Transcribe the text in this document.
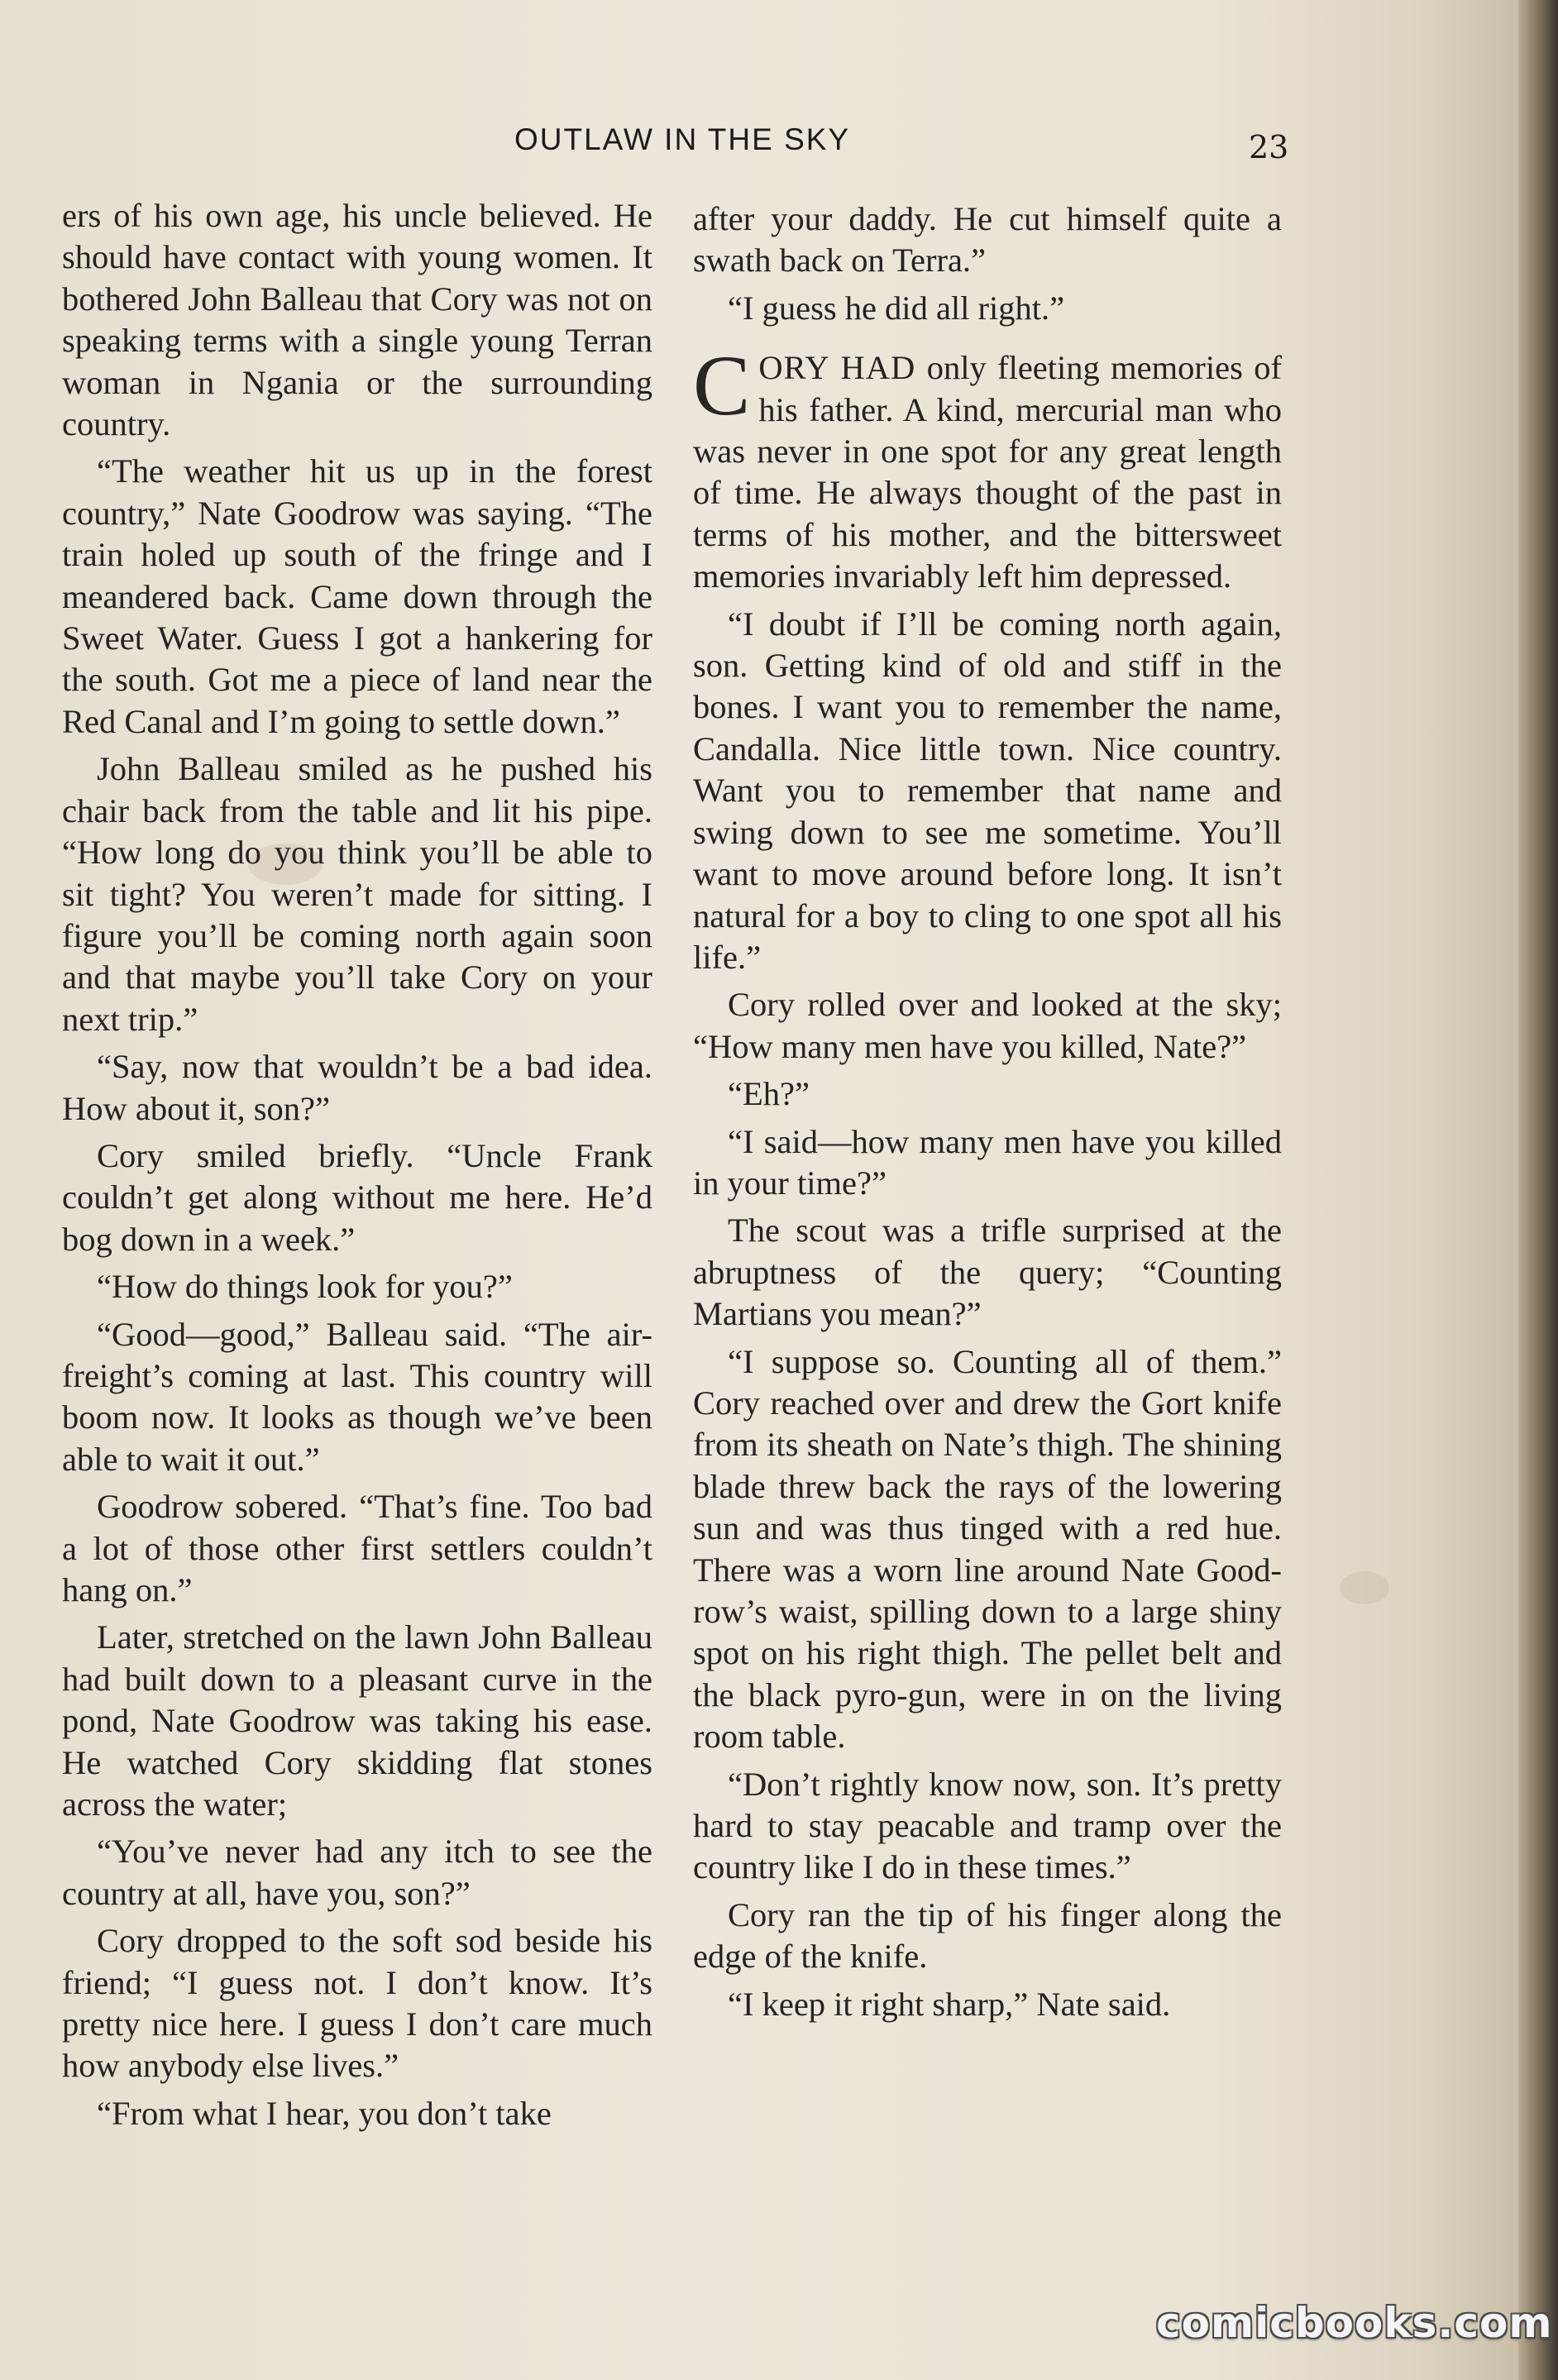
OUTLAW IN THE SKY	23

ers of his own age, his uncle believed. He should have contact with young women. It bothered John Balleau that Cory was not on speaking terms with a single young Terran woman in Ngania or the surrounding country.

“The weather hit us up in the forest country,” Nate Goodrow was saying. “The train holed up south of the fringe and I meandered back. Came down through the Sweet Water. Guess I got a hankering for the south. Got me a piece of land near the Red Canal and I’m going to settle down.”

John Balleau smiled as he pushed his chair back from the table and lit his pipe. “How long do you think you’ll be able to sit tight? You weren’t made for sitting. I figure you’ll be coming north again soon and that maybe you’ll take Cory on your next trip.”

“Say, now that wouldn’t be a bad idea. How about it, son?”

Cory smiled briefly. “Uncle Frank couldn’t get along without me here. He’d bog down in a week.”

“How do things look for you?”

“Good—good,” Balleau said. “The air-freight’s coming at last. This country will boom now. It looks as though we’ve been able to wait it out.”

Goodrow sobered. “That’s fine. Too bad a lot of those other first settlers couldn’t hang on.”

Later, stretched on the lawn John Balleau had built down to a pleasant curve in the pond, Nate Goodrow was taking his ease. He watched Cory skidding flat stones across the water;

“You’ve never had any itch to see the country at all, have you, son?”

Cory dropped to the soft sod beside his friend; “I guess not. I don’t know. It’s pretty nice here. I guess I don’t care much how anybody else lives.”

“From what I hear, you don’t take

after your daddy. He cut himself quite a swath back on Terra.”

“I guess he did all right.”

CORY HAD only fleeting memories of his father. A kind, mercurial man who was never in one spot for any great length of time. He always thought of the past in terms of his mother, and the bittersweet memories invariably left him depressed.

“I doubt if I’ll be coming north again, son. Getting kind of old and stiff in the bones. I want you to remember the name, Candalla. Nice little town. Nice country. Want you to remember that name and swing down to see me sometime. You’ll want to move around before long. It isn’t natural for a boy to cling to one spot all his life.”

Cory rolled over and looked at the sky; “How many men have you killed, Nate?”

“Eh?”

“I said—how many men have you killed in your time?”

The scout was a trifle surprised at the abruptness of the query; “Counting Martians you mean?”

“I suppose so. Counting all of them.” Cory reached over and drew the Gort knife from its sheath on Nate’s thigh. The shining blade threw back the rays of the lowering sun and was thus tinged with a red hue. There was a worn line around Nate Goodrow’s waist, spilling down to a large shiny spot on his right thigh. The pellet belt and the black pyro-gun, were in on the living room table.

“Don’t rightly know now, son. It’s pretty hard to stay peacable and tramp over the country like I do in these times.”

Cory ran the tip of his finger along the edge of the knife.

“I keep it right sharp,” Nate said.

comicbooks.com
